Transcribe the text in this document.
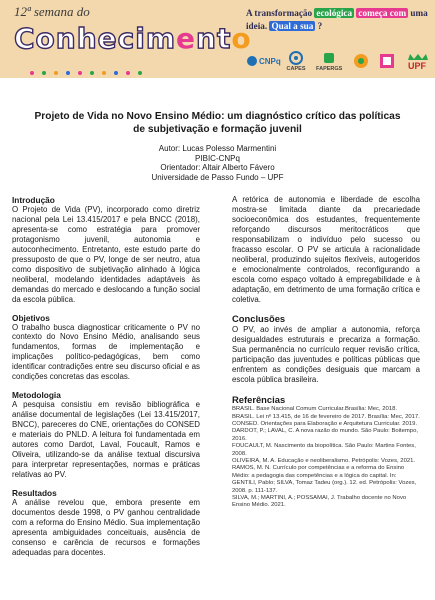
12ª semana do
Conhecimento
A transformação ecológica começa com uma ideia. Qual a sua ?
CNPq
CAPES FAPERGS	UPF
Projeto de Vida no Novo Ensino Médio: um diagnóstico crítico das políticas de subjetivação e formação juvenil
Autor: Lucas Polesso Marmentini
PIBIC-CNPq
Orientador: Altair Alberto Fávero
Universidade de Passo Fundo – UPF
Introdução

O Projeto de Vida (PV), incorporado como diretriz nacional pela Lei 13.415/2017 e pela BNCC (2018), apresenta-se como estratégia para promover protagonismo juvenil, autonomia e autoconhecimento. Entretanto, este estudo parte do pressuposto de que o PV, longe de ser neutro, atua como dispositivo de subjetivação alinhado à lógica neoliberal, modelando identidades adaptáveis às demandas do mercado e deslocando a função social da escola pública.

Objetivos

O trabalho busca diagnosticar criticamente o PV no contexto do Novo Ensino Médio, analisando seus fundamentos, formas de implementação e implicações político-pedagógicas, bem como identificar contradições entre seu discurso oficial e as condições concretas das escolas.

Metodologia

A pesquisa consistiu em revisão bibliográfica e análise documental de legislações (Lei 13.415/2017, BNCC), pareceres do CNE, orientações do CONSED e materiais do PNLD. A leitura foi fundamentada em autores como Dardot, Laval, Foucault, Ramos e Oliveira, utilizando-se da análise textual discursiva para interpretar representações, normas e práticas relativas ao PV.

Resultados

A análise revelou que, embora presente em documentos desde 1998, o PV ganhou centralidade com a reforma do Ensino Médio. Sua implementação apresenta ambiguidades conceituais, ausência de consenso e carência de recursos e formações adequadas para docentes.

A retórica de autonomia e liberdade de escolha mostra-se limitada diante da precariedade socioeconômica dos estudantes, frequentemente reforçando discursos meritocráticos que responsabilizam o indivíduo pelo sucesso ou fracasso escolar. O PV se articula à racionalidade neoliberal, produzindo sujeitos flexíveis, autogeridos e emocionalmente controlados, reconfigurando a escola como espaço voltado à empregabilidade e à adaptação, em detrimento de uma formação crítica e coletiva.

Conclusões

O PV, ao invés de ampliar a autonomia, reforça desigualdades estruturais e precariza a formação. Sua permanência no currículo requer revisão crítica, participação das juventudes e políticas públicas que enfrentem as condições desiguais que marcam a escola pública brasileira.

Referências
BRASIL. Base Nacional Comum Curricular.Brasília: Mec, 2018.
BRASIL. Lei nº 13.415, de 16 de fevereiro de 2017. Brasília: Mec, 2017.
CONSED. Orientações para Elaboração e Arquitetura Curricular. 2019.
DARDOT, P.; LAVAL, C. A nova razão do mundo. São Paulo: Boitempo, 2016.
FOUCAULT, M. Nascimento da biopolítica. São Paulo: Martins Fontes, 2008.
OLIVEIRA, M. A. Educação e neoliberalismo. Petrópolis: Vozes, 2021.
RAMOS, M. N. Currículo por competências e a reforma do Ensino Médio: a pedagogia das competências e a lógica do capital. In: GENTILI, Pablo; SILVA, Tomaz Tadeu (org.). 12. ed. Petrópolis: Vozes, 2008. p. 111-137.
SILVA, M.; MARTINI, A.; POSSAMAI, J. Trabalho docente no Novo Ensino Médio. 2021.
